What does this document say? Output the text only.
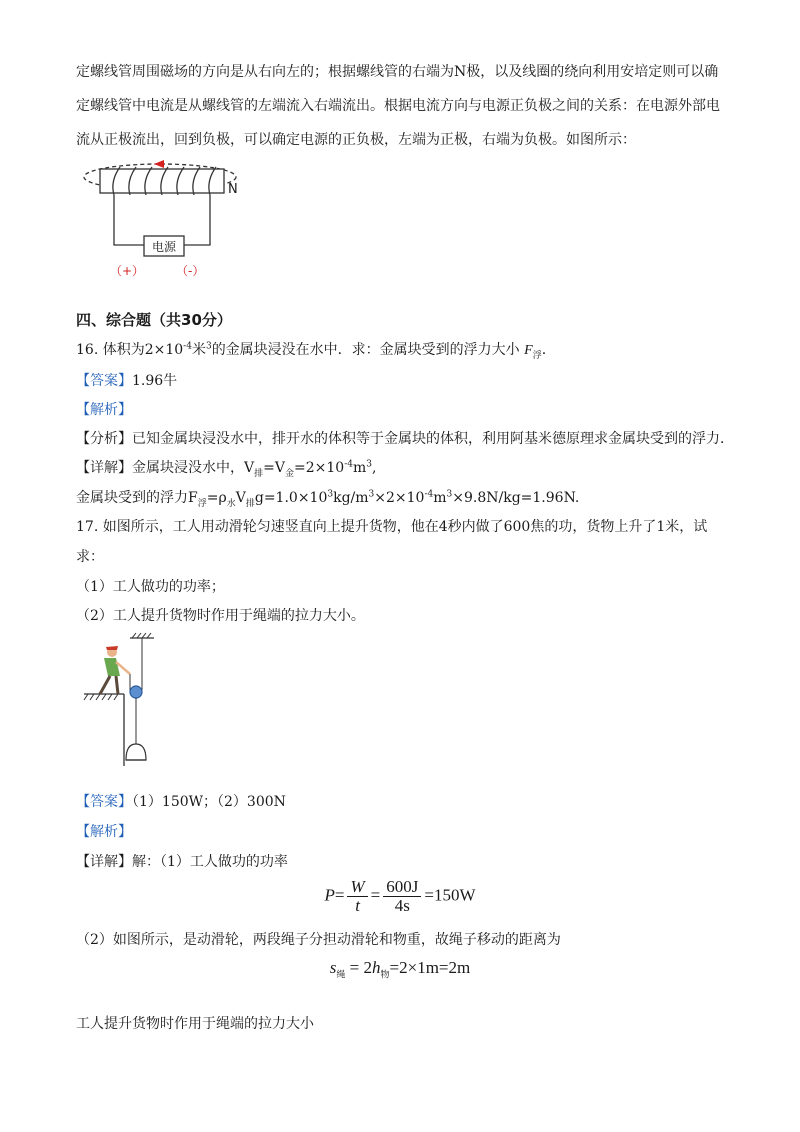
定螺线管周围磁场的方向是从右向左的；根据螺线管的右端为N极，以及线圈的绕向利用安培定则可以确
定螺线管中电流是从螺线管的左端流入右端流出。根据电流方向与电源正负极之间的关系：在电源外部电
流从正极流出，回到负极，可以确定电源的正负极，左端为正极，右端为负极。如图所示：
电源
N
（+）	（-）
四、综合题（共30分）
16. 体积为$2\times 10^{-4}$米$^3$的金属块浸没在水中．求：金属块受到的浮力大小 $F_浮$.
【答案】1.96牛
【解析】
【分析】已知金属块浸没水中，排开水的体积等于金属块的体积，利用阿基米德原理求金属块受到的浮力．
【详解】金属块浸没水中，$V_排=V_金=2\times 10^{-4}m^3$,
金属块受到的浮力$F_浮=\rho_水V_排g=1.0\times 10^3kg/m^3\times 2\times 10^{-4}m^3\times 9.8N/kg=1.96N$.
17. 如图所示，工人用动滑轮匀速竖直向上提升货物，他在4秒内做了600焦的功，货物上升了1米，试
求：
（1）工人做功的功率；
（2）工人提升货物时作用于绳端的拉力大小。
【答案】（1）150W；（2）300N
【解析】
【详解】解：（1）工人做功的功率
$P= \frac{W}{t} = \frac{600J}{4s} =150W$
（2）如图所示，是动滑轮，两段绳子分担动滑轮和物重，故绳子移动的距离为
$s_绳 = 2h_物=2\times 1m=2m$
工人提升货物时作用于绳端的拉力大小
